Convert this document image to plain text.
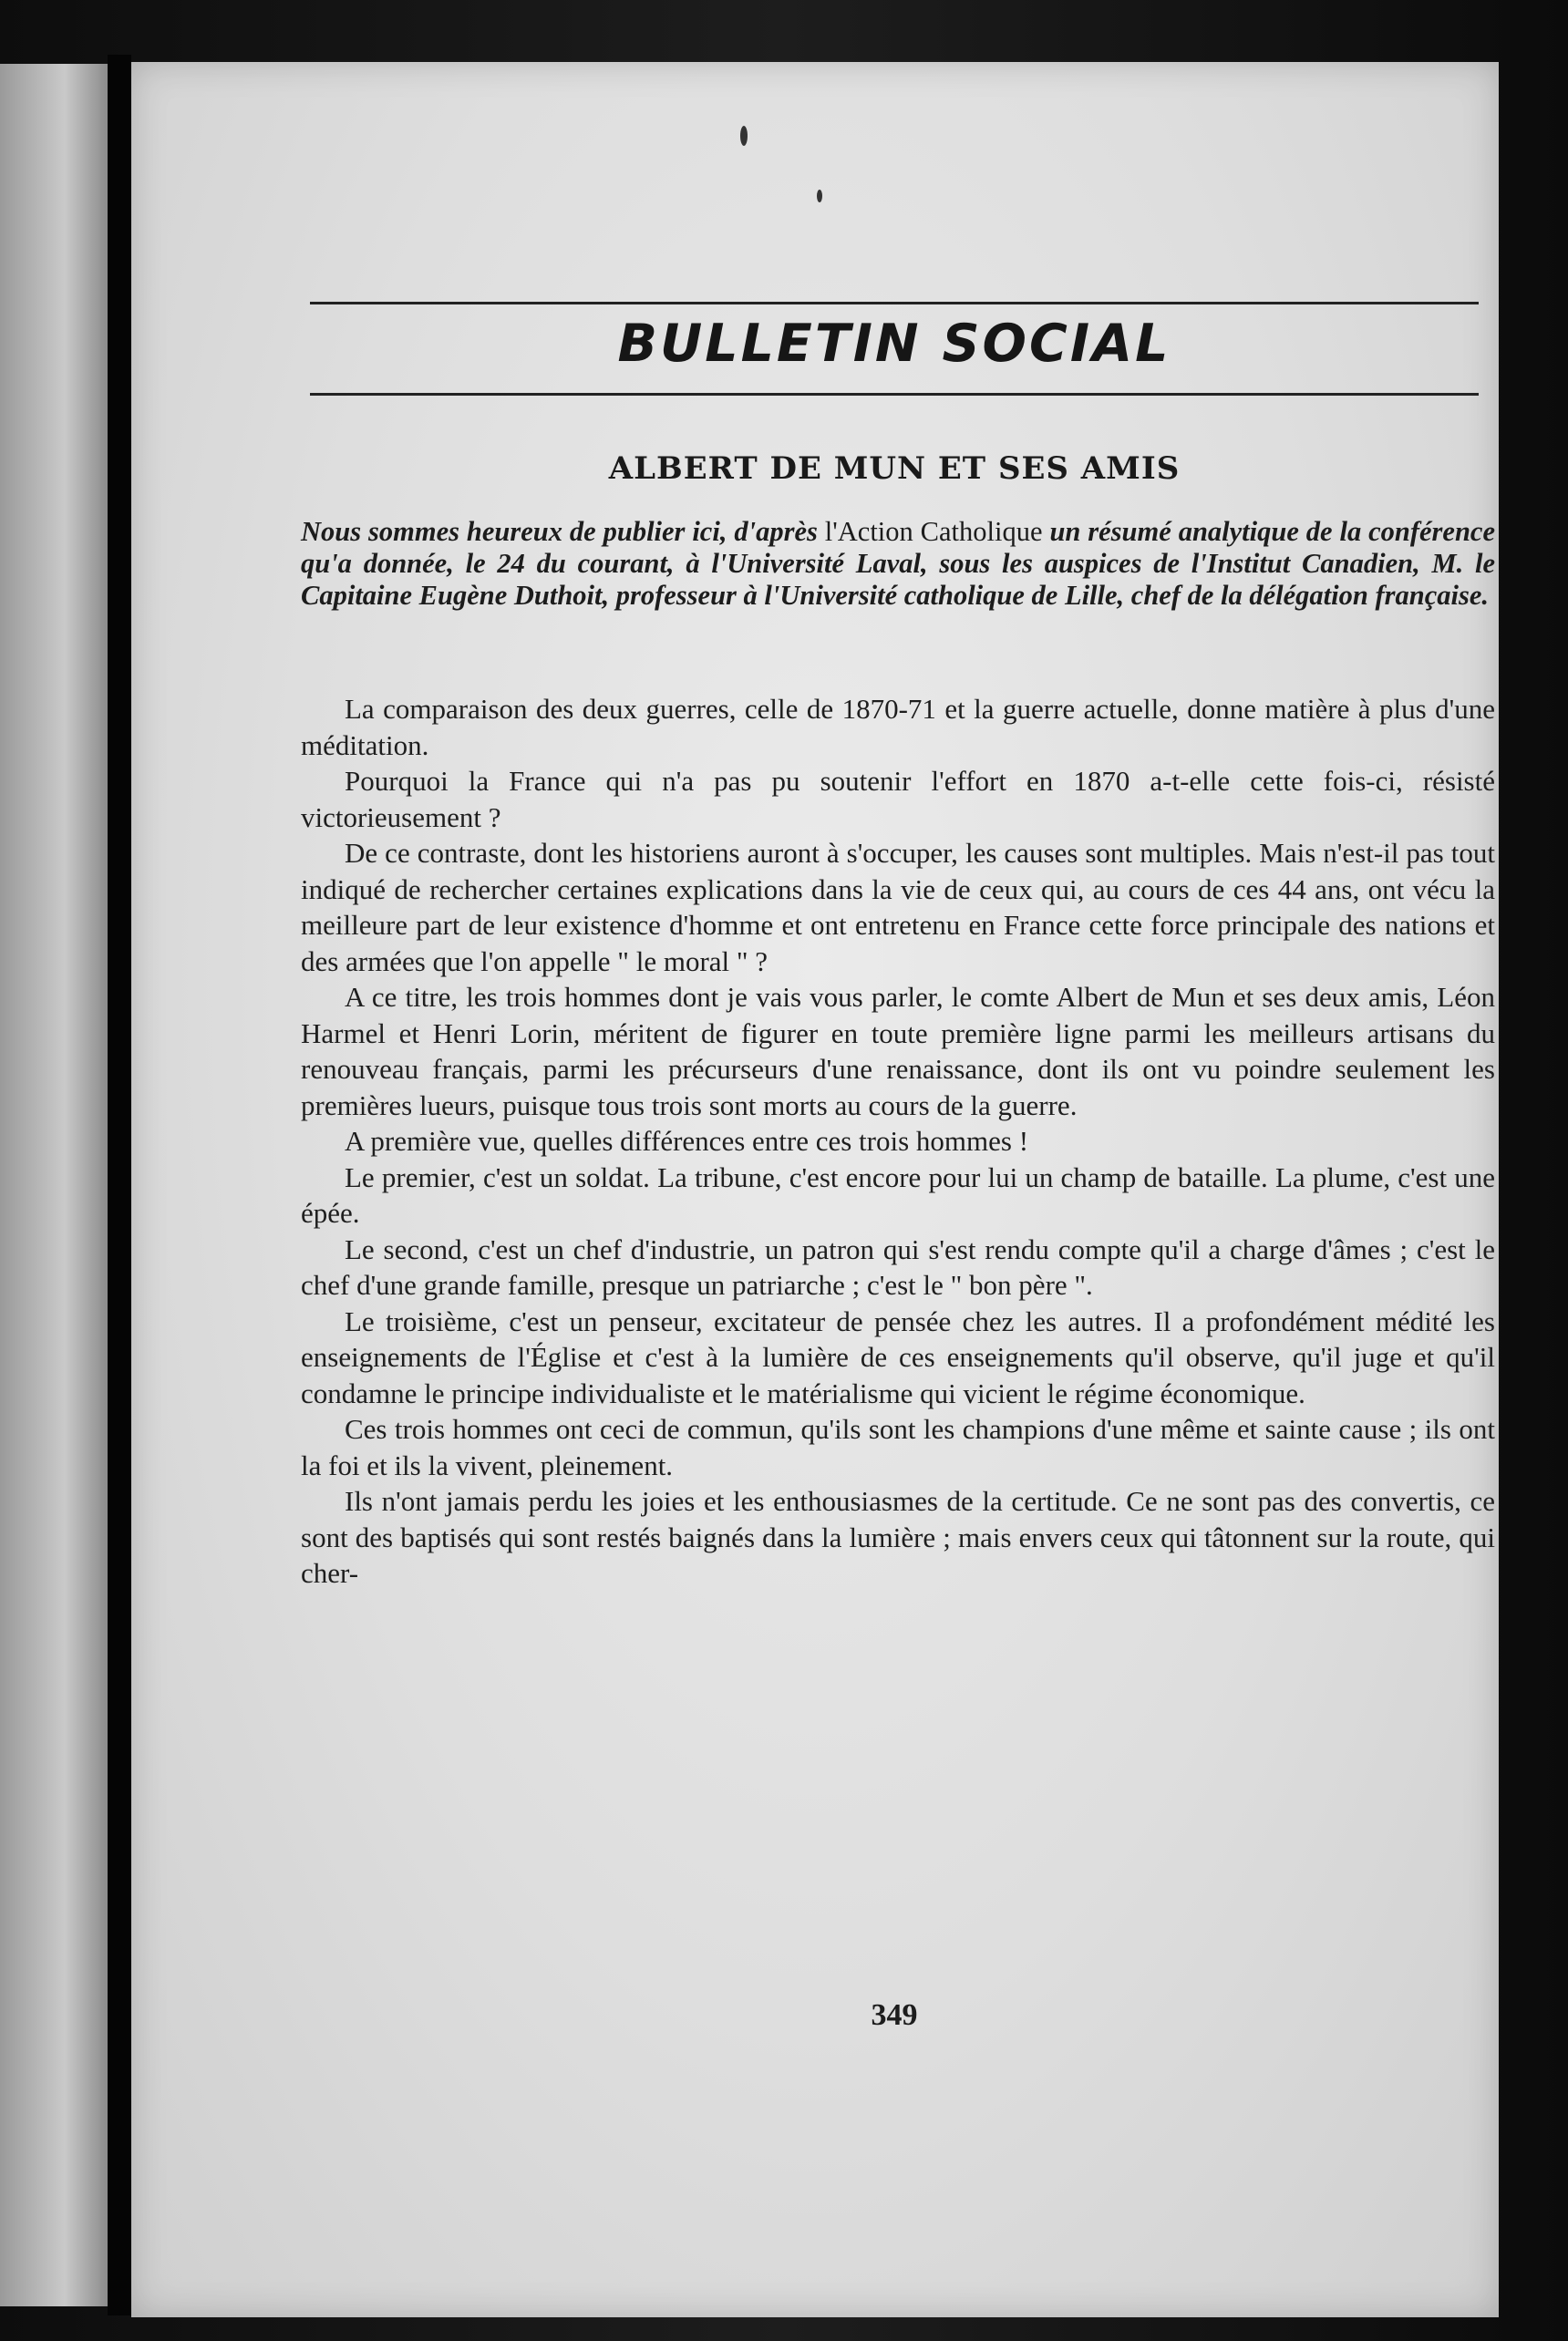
BULLETIN SOCIAL
ALBERT DE MUN ET SES AMIS

Nous sommes heureux de publier ici, d'après l'Action Catholique un résumé analytique de la conférence qu'a donnée, le 24 du courant, à l'Université Laval, sous les auspices de l'Institut Canadien, M. le Capitaine Eugène Duthoit, professeur à l'Université catholique de Lille, chef de la délégation française.

La comparaison des deux guerres, celle de 1870-71 et la guerre actuelle, donne matière à plus d'une méditation.

Pourquoi la France qui n'a pas pu soutenir l'effort en 1870 a-t-elle cette fois-ci, résisté victorieusement ?

De ce contraste, dont les historiens auront à s'occuper, les causes sont multiples. Mais n'est-il pas tout indiqué de rechercher certaines explications dans la vie de ceux qui, au cours de ces 44 ans, ont vécu la meilleure part de leur existence d'homme et ont entretenu en France cette force principale des nations et des armées que l'on appelle " le moral " ?

A ce titre, les trois hommes dont je vais vous parler, le comte Albert de Mun et ses deux amis, Léon Harmel et Henri Lorin, méritent de figurer en toute première ligne parmi les meilleurs artisans du renouveau français, parmi les précurseurs d'une renaissance, dont ils ont vu poindre seulement les premières lueurs, puisque tous trois sont morts au cours de la guerre.

A première vue, quelles différences entre ces trois hommes !

Le premier, c'est un soldat. La tribune, c'est encore pour lui un champ de bataille. La plume, c'est une épée.

Le second, c'est un chef d'industrie, un patron qui s'est rendu compte qu'il a charge d'âmes ; c'est le chef d'une grande famille, presque un patriarche ; c'est le " bon père ".

Le troisième, c'est un penseur, excitateur de pensée chez les autres. Il a profondément médité les enseignements de l'Église et c'est à la lumière de ces enseignements qu'il observe, qu'il juge et qu'il condamne le principe individualiste et le matérialisme qui vicient le régime économique.

Ces trois hommes ont ceci de commun, qu'ils sont les champions d'une même et sainte cause ; ils ont la foi et ils la vivent, pleinement.

Ils n'ont jamais perdu les joies et les enthousiasmes de la certitude. Ce ne sont pas des convertis, ce sont des baptisés qui sont restés baignés dans la lumière ; mais envers ceux qui tâtonnent sur la route, qui cher-

349
